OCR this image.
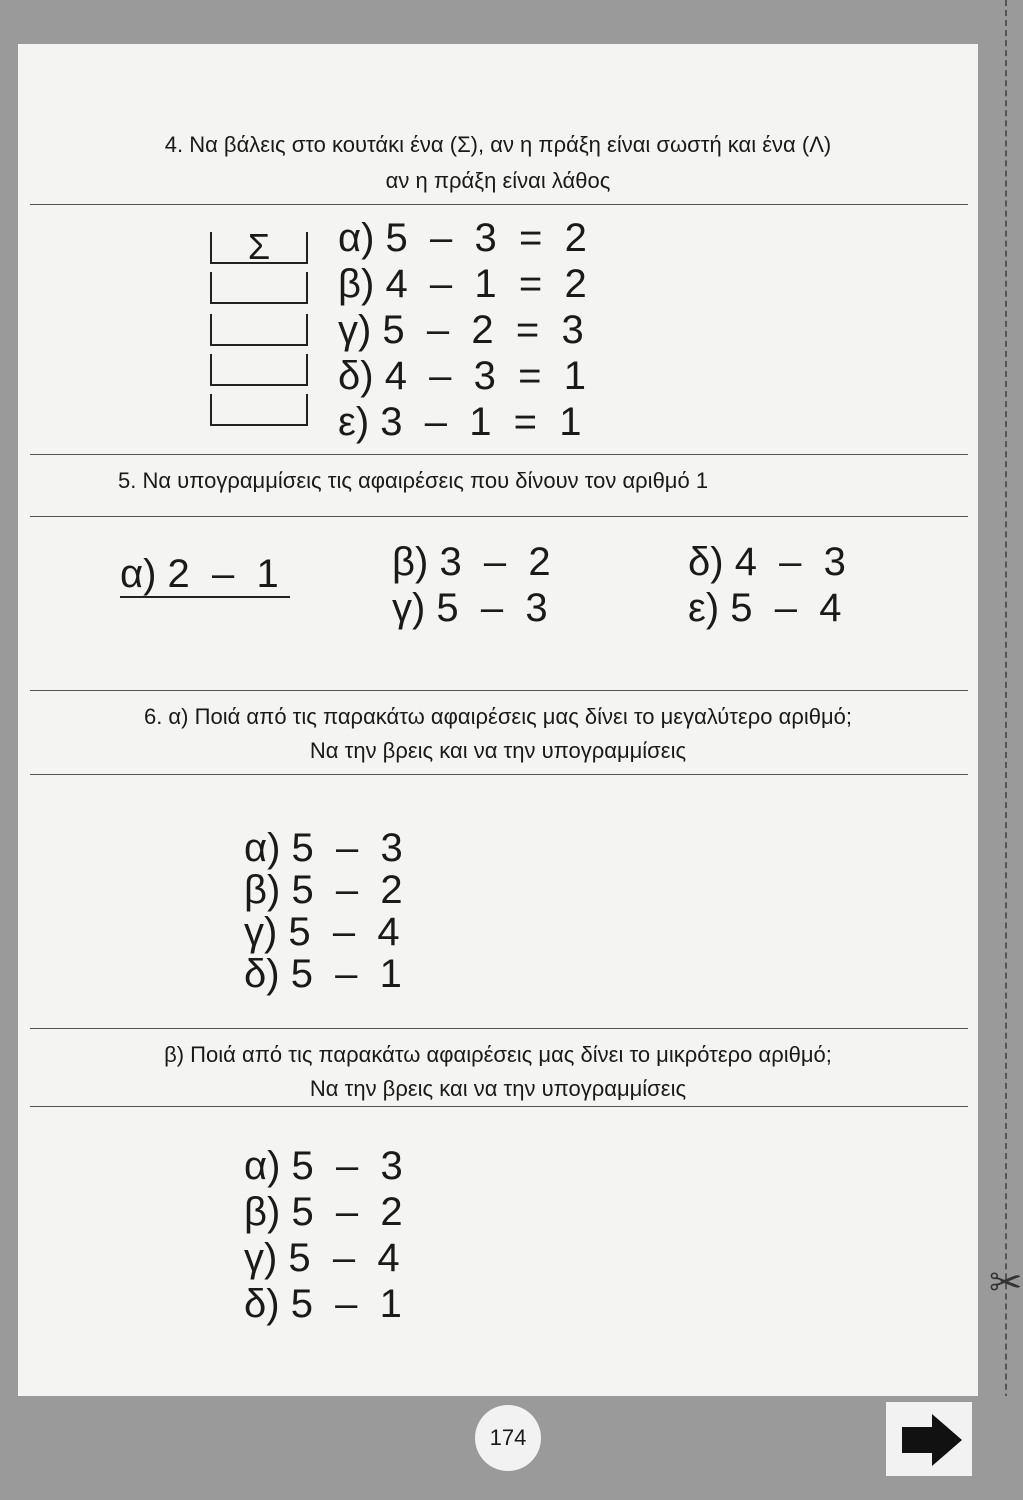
4. Να βάλεις στο κουτάκι ένα (Σ), αν η πράξη είναι σωστή και ένα (Λ)
αν η πράξη είναι λάθος
Σ	α) 5  –  3  =  2
β) 4  –  1  =  2
γ) 5  –  2  =  3
δ) 4  –  3  =  1
ε) 3  –  1  =  1
5. Να υπογραμμίσεις τις αφαιρέσεις που δίνουν τον αριθμό 1
α) 2  –  1	β) 3  –  2
γ) 5  –  3
δ) 4  –  3
ε) 5  –  4
6. α) Ποιά από τις παρακάτω αφαιρέσεις μας δίνει το μεγαλύτερο αριθμό;
Να την βρεις και να την υπογραμμίσεις
α) 5  –  3
β) 5  –  2
γ) 5  –  4
δ) 5  –  1
β) Ποιά από τις παρακάτω αφαιρέσεις μας δίνει το μικρότερο αριθμό;
Να την βρεις και να την υπογραμμίσεις
α) 5  –  3
β) 5  –  2
γ) 5  –  4
δ) 5  –  1
174
✂
